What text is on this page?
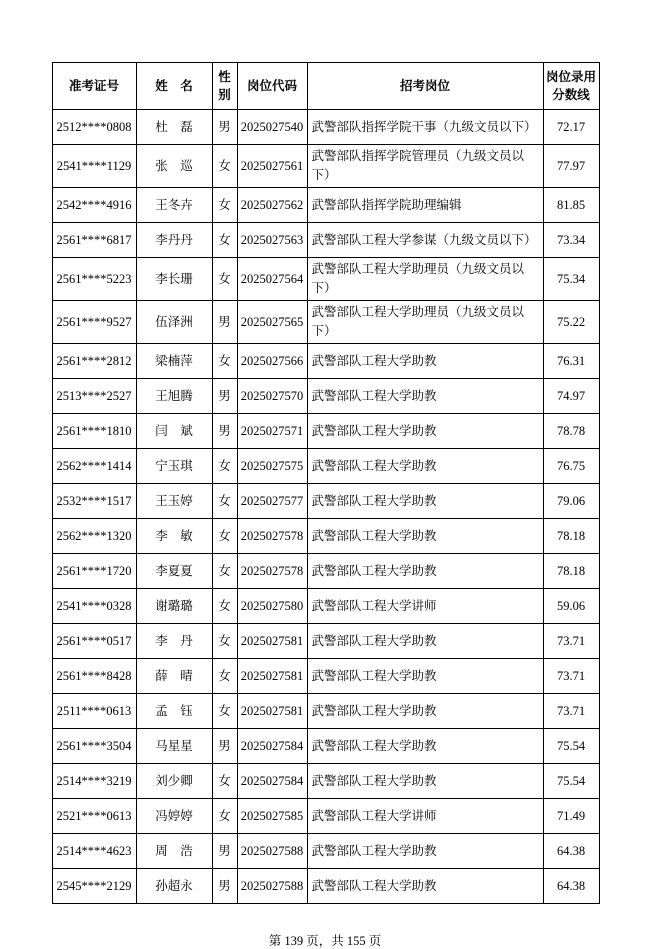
准考证号	姓　名	性别	岗位代码	招考岗位	岗位录用分数线
2512****0808	杜　磊	男	2025027540	武警部队指挥学院干事（九级文员以下）	72.17
2541****1129	张　巡	女	2025027561	武警部队指挥学院管理员（九级文员以下）	77.97
2542****4916	王冬卉	女	2025027562	武警部队指挥学院助理编辑	81.85
2561****6817	李丹丹	女	2025027563	武警部队工程大学参谋（九级文员以下）	73.34
2561****5223	李长珊	女	2025027564	武警部队工程大学助理员（九级文员以下）	75.34
2561****9527	伍泽洲	男	2025027565	武警部队工程大学助理员（九级文员以下）	75.22
2561****2812	梁楠萍	女	2025027566	武警部队工程大学助教	76.31
2513****2527	王旭腾	男	2025027570	武警部队工程大学助教	74.97
2561****1810	闫　斌	男	2025027571	武警部队工程大学助教	78.78
2562****1414	宁玉琪	女	2025027575	武警部队工程大学助教	76.75
2532****1517	王玉婷	女	2025027577	武警部队工程大学助教	79.06
2562****1320	李　敏	女	2025027578	武警部队工程大学助教	78.18
2561****1720	李夏夏	女	2025027578	武警部队工程大学助教	78.18
2541****0328	谢璐璐	女	2025027580	武警部队工程大学讲师	59.06
2561****0517	李　丹	女	2025027581	武警部队工程大学助教	73.71
2561****8428	薛　晴	女	2025027581	武警部队工程大学助教	73.71
2511****0613	孟　钰	女	2025027581	武警部队工程大学助教	73.71
2561****3504	马星星	男	2025027584	武警部队工程大学助教	75.54
2514****3219	刘少卿	女	2025027584	武警部队工程大学助教	75.54
2521****0613	冯婷婷	女	2025027585	武警部队工程大学讲师	71.49
2514****4623	周　浩	男	2025027588	武警部队工程大学助教	64.38
2545****2129	孙超永	男	2025027588	武警部队工程大学助教	64.38
第 139 页，共 155 页
